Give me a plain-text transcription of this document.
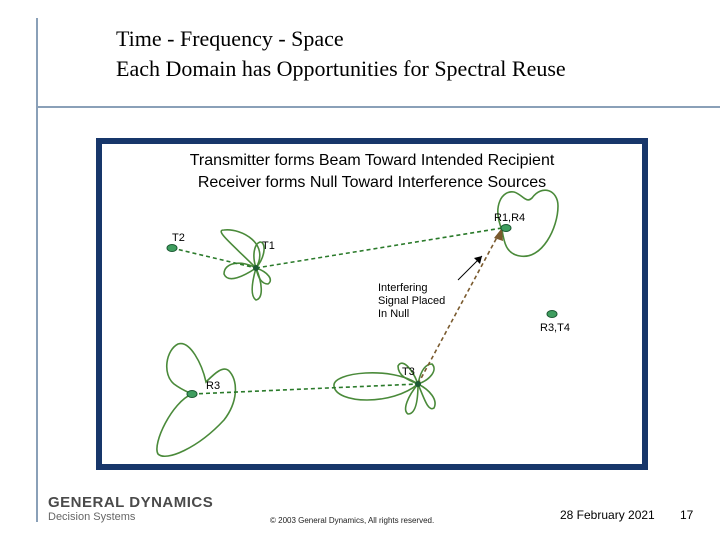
Time - Frequency - Space
Each Domain has Opportunities for Spectral Reuse
Transmitter forms Beam Toward Intended Recipient
Receiver forms Null Toward Interference Sources
T2
T1
R1,R4
R3,T4
R3
T3
Interfering
Signal Placed
In Null
GENERAL DYNAMICS
Decision Systems	© 2003 General Dynamics, All rights reserved.	28 February 2021 17
